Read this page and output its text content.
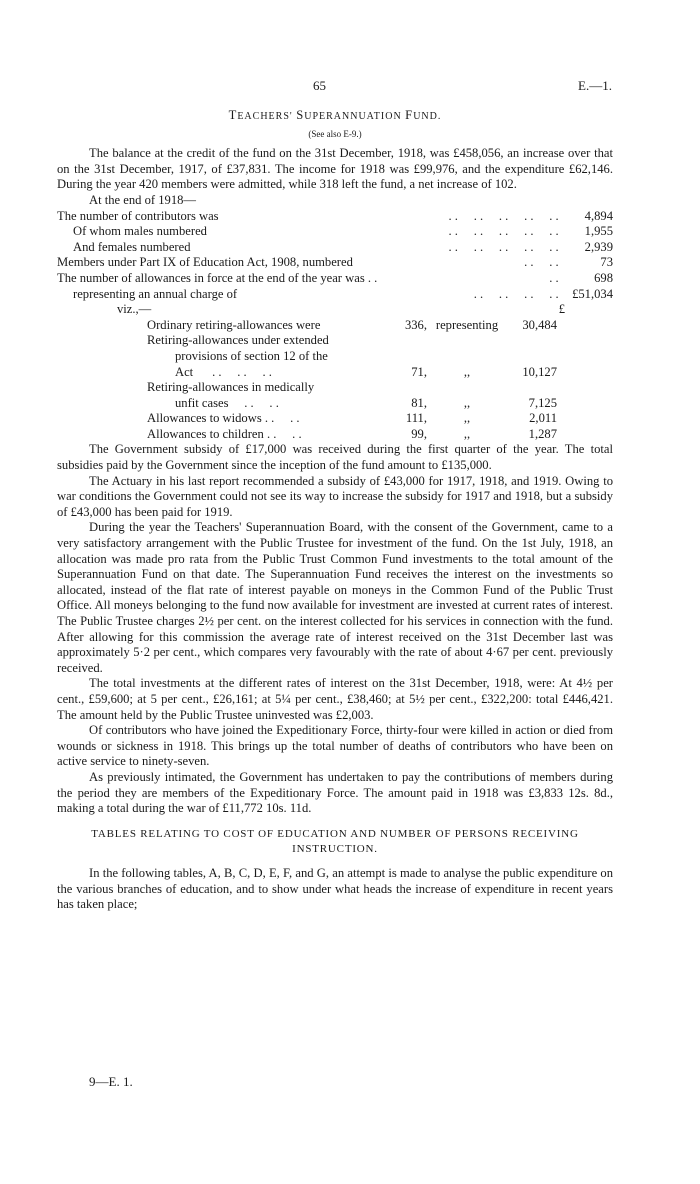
65	E.—1.
TEACHERS' SUPERANNUATION FUND.
(See also E-9.)

The balance at the credit of the fund on the 31st December, 1918, was £458,056, an increase over that on the 31st December, 1917, of £37,831. The income for 1918 was £99,976, and the expenditure £62,146. During the year 420 members were admitted, while 318 left the fund, a net increase of 102.

At the end of 1918—

The number of contributors was	. .     . .     . .     . .     . . 4,894
Of whom males numbered	. .     . .     . .     . .     . . 1,955
And females numbered	. .     . .     . .     . .     . . 2,939
Members under Part IX of Education Act, 1908, numbered	. .     . .	73
The number of allowances in force at the end of the year was . .	. .	698
representing an annual charge of	. .     . .     . .     . . £51,034
viz.,—	£
Ordinary retiring-allowances were	336, representing	30,484
Retiring-allowances under extended
provisions of section 12 of the
Act      . .     . .     . .	71,	,,	10,127
Retiring-allowances in medically
unfit cases     . .     . .	81,	,,	7,125
Allowances to widows . .     . .	111,	,,	2,011
Allowances to children . .     . .	99,	,,	1,287

The Government subsidy of £17,000 was received during the first quarter of the year. The total subsidies paid by the Government since the inception of the fund amount to £135,000.

The Actuary in his last report recommended a subsidy of £43,000 for 1917, 1918, and 1919. Owing to war conditions the Government could not see its way to increase the subsidy for 1917 and 1918, but a subsidy of £43,000 has been paid for 1919.

During the year the Teachers' Superannuation Board, with the consent of the Government, came to a very satisfactory arrangement with the Public Trustee for investment of the fund. On the 1st July, 1918, an allocation was made pro rata from the Public Trust Common Fund investments to the total amount of the Superannuation Fund on that date. The Superannuation Fund receives the interest on the investments so allocated, instead of the flat rate of interest payable on moneys in the Common Fund of the Public Trust Office. All moneys belonging to the fund now available for investment are invested at current rates of interest. The Public Trustee charges 2½ per cent. on the interest collected for his services in connection with the fund. After allowing for this commission the average rate of interest received on the 31st December last was approximately 5·2 per cent., which compares very favourably with the rate of about 4·67 per cent. previously received.

The total investments at the different rates of interest on the 31st December, 1918, were: At 4½ per cent., £59,600; at 5 per cent., £26,161; at 5¼ per cent., £38,460; at 5½ per cent., £322,200: total £446,421. The amount held by the Public Trustee uninvested was £2,003.

Of contributors who have joined the Expeditionary Force, thirty-four were killed in action or died from wounds or sickness in 1918. This brings up the total number of deaths of contributors who have been on active service to ninety-seven.

As previously intimated, the Government has undertaken to pay the contributions of members during the period they are members of the Expeditionary Force. The amount paid in 1918 was £3,833 12s. 8d., making a total during the war of £11,772 10s. 11d.

TABLES RELATING TO COST OF EDUCATION AND NUMBER OF PERSONS RECEIVING
INSTRUCTION.

In the following tables, A, B, C, D, E, F, and G, an attempt is made to analyse the public expenditure on the various branches of education, and to show under what heads the increase of expenditure in recent years has taken place;

9—E. 1.
